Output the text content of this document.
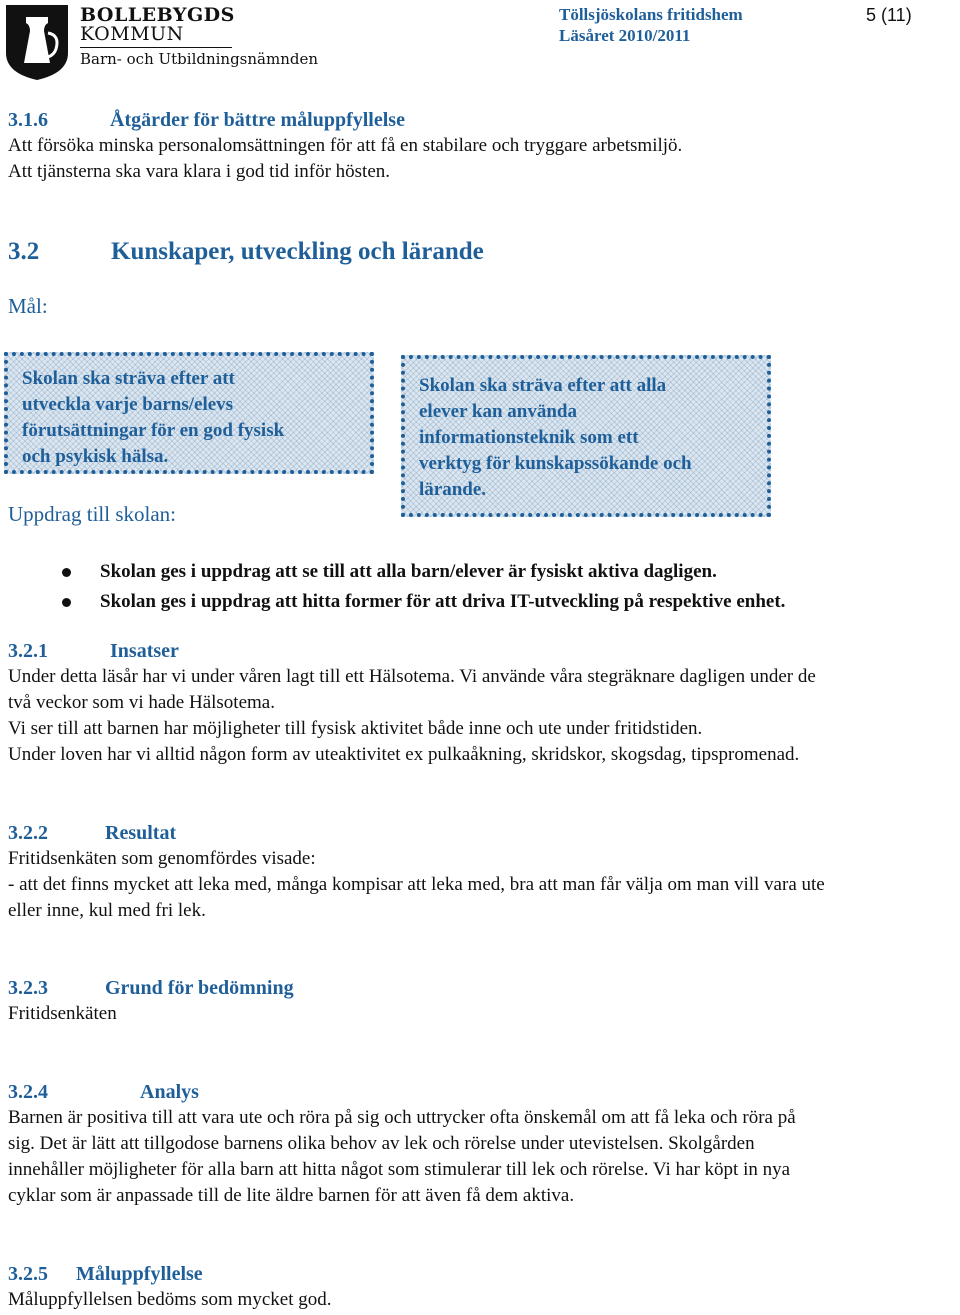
BOLLEBYGDS
KOMMUN
Barn- och Utbildningsnämnden
Töllsjöskolans fritidshem
Läsåret 2010/2011
5 (11)
3.1.6	Åtgärder för bättre måluppfyllelse
Att försöka minska personalomsättningen för att få en stabilare och tryggare arbetsmiljö.
Att tjänsterna ska vara klara i god tid inför hösten.
3.2	Kunskaper, utveckling och lärande
Mål:
Skolan ska sträva efter att
utveckla varje barns/elevs
förutsättningar för en god fysisk
och psykisk hälsa.
Skolan ska sträva efter att alla
elever kan använda
informationsteknik som ett
verktyg för kunskapssökande och
lärande.
Uppdrag till skolan:
Skolan ges i uppdrag att se till att alla barn/elever är fysiskt aktiva dagligen.
Skolan ges i uppdrag att hitta former för att driva IT-utveckling på respektive enhet.
3.2.1	Insatser
Under detta läsår har vi under våren lagt till ett Hälsotema. Vi använde våra stegräknare dagligen under de
två veckor som vi hade Hälsotema.
Vi ser till att barnen har möjligheter till fysisk aktivitet både inne och ute under fritidstiden.
Under loven har vi alltid någon form av uteaktivitet ex pulkaåkning, skridskor, skogsdag, tipspromenad.
3.2.2	Resultat
Fritidsenkäten som genomfördes visade:
- att det finns mycket att leka med, många kompisar att leka med, bra att man får välja om man vill vara ute
eller inne, kul med fri lek.
3.2.3	Grund för bedömning
Fritidsenkäten
3.2.4	Analys
Barnen är positiva till att vara ute och röra på sig och uttrycker ofta önskemål om att få leka och röra på
sig. Det är lätt att tillgodose barnens olika behov av lek och rörelse under utevistelsen. Skolgården
innehåller möjligheter för alla barn att hitta något som stimulerar till lek och rörelse. Vi har köpt in nya
cyklar som är anpassade till de lite äldre barnen för att även få dem aktiva.
3.2.5 Måluppfyllelse
Måluppfyllelsen bedöms som mycket god.
